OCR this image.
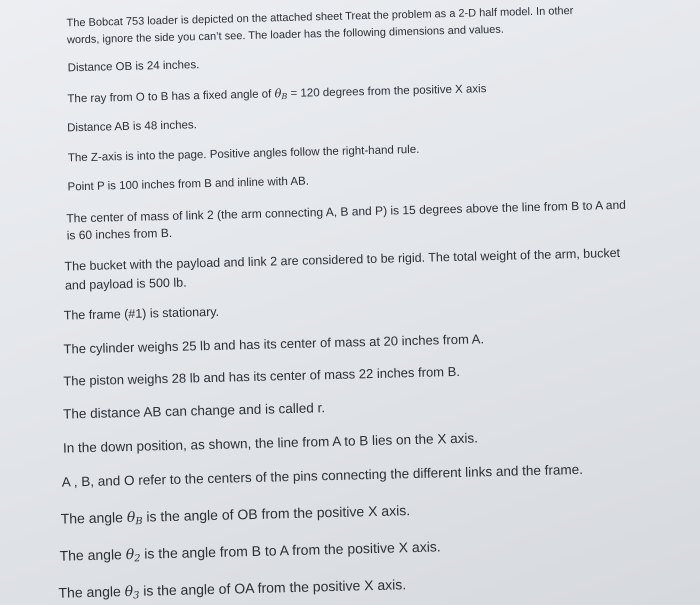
The Bobcat 753 loader is depicted on the attached sheet Treat the problem as a 2-D half model. In other
words, ignore the side you can’t see. The loader has the following dimensions and values.
Distance OB is 24 inches.
The ray from O to B has a fixed angle of $\theta_B = 120$ degrees from the positive X axis
Distance AB is 48 inches.
The Z-axis is into the page. Positive angles follow the right-hand rule.
Point P is 100 inches from B and inline with AB.
The center of mass of link 2 (the arm connecting A, B and P) is 15 degrees above the line from B to A and
is 60 inches from B.
The bucket with the payload and link 2 are considered to be rigid. The total weight of the arm, bucket
and payload is 500 lb.
The frame (#1) is stationary.
The cylinder weighs 25 lb and has its center of mass at 20 inches from A.
The piston weighs 28 lb and has its center of mass 22 inches from B.
The distance AB can change and is called r.
In the down position, as shown, the line from A to B lies on the X axis.
A , B, and O refer to the centers of the pins connecting the different links and the frame.
The angle $\theta_B$ is the angle of OB from the positive X axis.
The angle $\theta_2$ is the angle from B to A from the positive X axis.
The angle $\theta_3$ is the angle of OA from the positive X axis.
